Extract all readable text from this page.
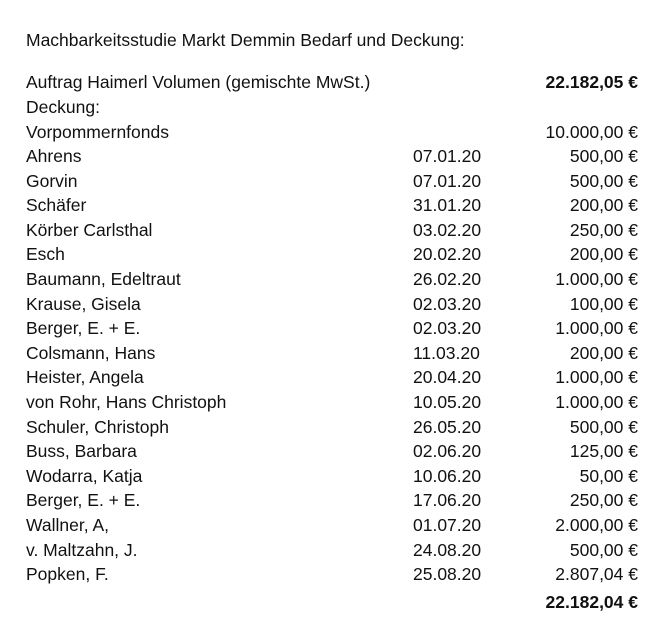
Machbarkeitsstudie Markt Demmin Bedarf und Deckung:
Auftrag Haimerl Volumen (gemischte MwSt.)	22.182,05 €
Deckung:
Vorpommernfonds	10.000,00 €
Ahrens	07.01.20	500,00 €
Gorvin	07.01.20	500,00 €
Schäfer	31.01.20	200,00 €
Körber Carlsthal	03.02.20	250,00 €
Esch	20.02.20	200,00 €
Baumann, Edeltraut	26.02.20	1.000,00 €
Krause, Gisela	02.03.20	100,00 €
Berger, E. + E.	02.03.20	1.000,00 €
Colsmann, Hans	11.03.20	200,00 €
Heister, Angela	20.04.20	1.000,00 €
von Rohr, Hans Christoph	10.05.20	1.000,00 €
Schuler, Christoph	26.05.20	500,00 €
Buss, Barbara	02.06.20	125,00 €
Wodarra, Katja	10.06.20	50,00 €
Berger, E. + E.	17.06.20	250,00 €
Wallner, A,	01.07.20	2.000,00 €
v. Maltzahn, J.	24.08.20	500,00 €
Popken, F.	25.08.20	2.807,04 €
22.182,04 €
